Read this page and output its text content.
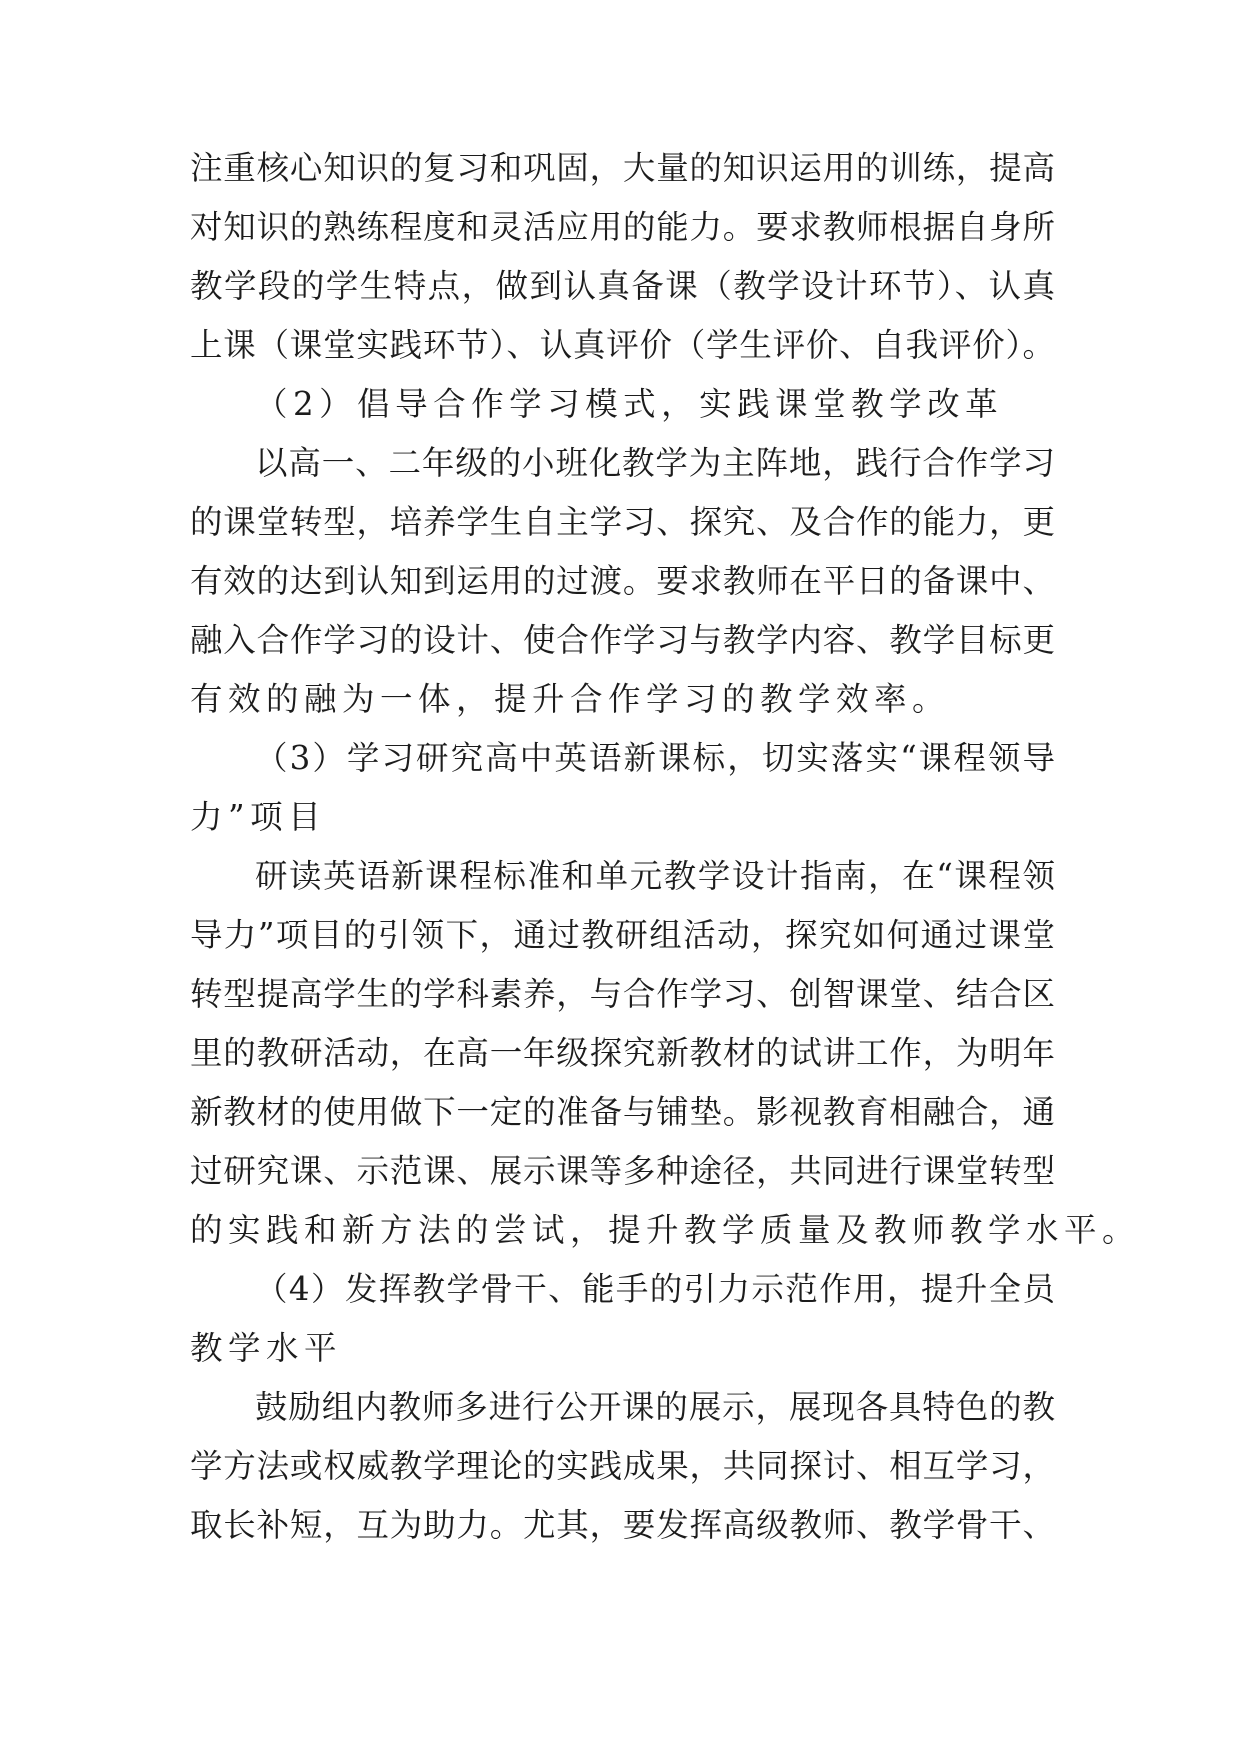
注重核心知识的复习和巩固，大量的知识运用的训练，提高
对知识的熟练程度和灵活应用的能力。要求教师根据自身所
教学段的学生特点，做到认真备课（教学设计环节）、认真
上课（课堂实践环节）、认真评价（学生评价、自我评价）。
（2）倡导合作学习模式，实践课堂教学改革
以高一、二年级的小班化教学为主阵地，践行合作学习
的课堂转型，培养学生自主学习、探究、及合作的能力，更
有效的达到认知到运用的过渡。要求教师在平日的备课中、
融入合作学习的设计、使合作学习与教学内容、教学目标更
有效的融为一体，提升合作学习的教学效率。
（3）学习研究高中英语新课标，切实落实“课程领导
力”项目
研读英语新课程标准和单元教学设计指南，在“课程领
导力”项目的引领下，通过教研组活动，探究如何通过课堂
转型提高学生的学科素养，与合作学习、创智课堂、结合区
里的教研活动，在高一年级探究新教材的试讲工作，为明年
新教材的使用做下一定的准备与铺垫。影视教育相融合，通
过研究课、示范课、展示课等多种途径，共同进行课堂转型
的实践和新方法的尝试，提升教学质量及教师教学水平。
（4）发挥教学骨干、能手的引力示范作用，提升全员
教学水平
鼓励组内教师多进行公开课的展示，展现各具特色的教
学方法或权威教学理论的实践成果，共同探讨、相互学习，
取长补短，互为助力。尤其，要发挥高级教师、教学骨干、
